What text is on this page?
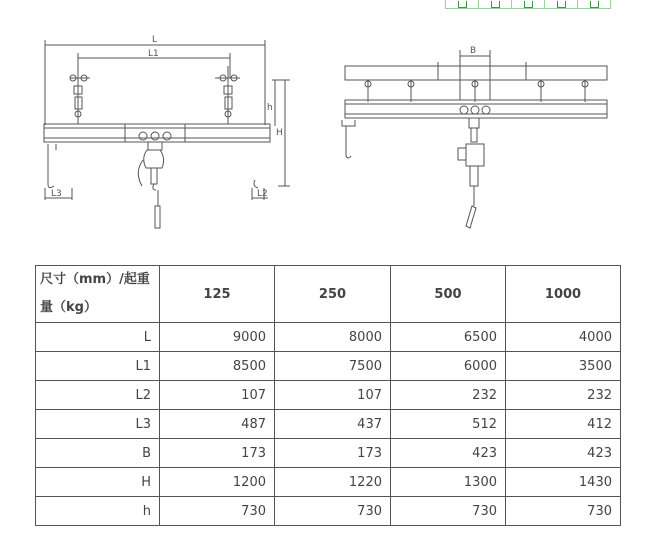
L
L1
h
H
L3	L2
B
尺寸（mm）/起重量（kg）	125	250	500	1000
L	9000	8000	6500	4000
L1	8500	7500	6000	3500
L2	107	107	232	232
L3	487	437	512	412
B	173	173	423	423
H	1200	1220	1300	1430
h	730	730	730	730
